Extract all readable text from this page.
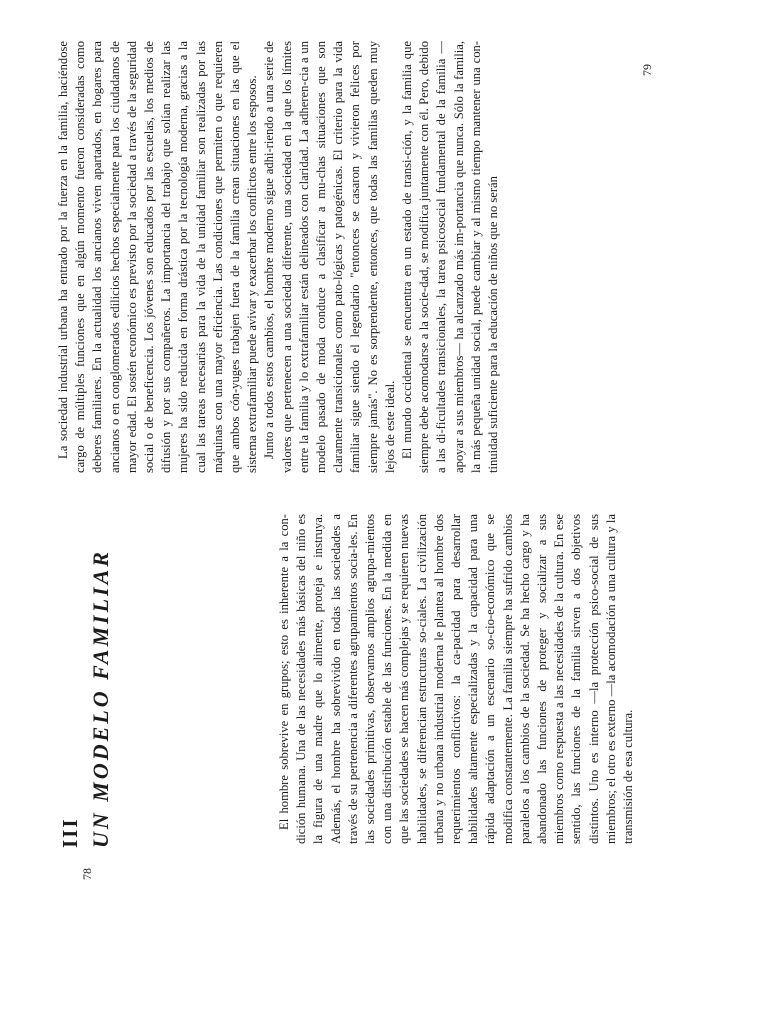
III UN MODELO FAMILIAR	El hombre sobrevive en grupos; esto es inherente a la con-dición humana. Una de las necesidades más básicas del niño es la figura de una madre que lo alimente, proteja e instruya. Además, el hombre ha sobrevivido en todas las sociedades a través de su pertenencia a diferentes agrupamientos socia-les. En las sociedades primitivas, observamos amplios agrupa-mientos con una distribución estable de las funciones. En la medida en que las sociedades se hacen más complejas y se requieren nuevas habilidades, se diferencian estructuras so-ciales. La civilización urbana y no urbana industrial moderna le plantea al hombre dos requerimientos conflictivos: la ca-pacidad para desarrollar habilidades altamente especializadas y la capacidad para una rápida adaptación a un escenario so-cio-económico que se modifica constantemente. La familia siempre ha sufrido cambios paralelos a los cambios de la sociedad. Se ha hecho cargo y ha abandonado las funciones de proteger y socializar a sus miembros como respuesta a las necesidades de la cultura. En ese sentido, las funciones de la familia sirven a dos objetivos distintos. Uno es interno —la protección psico-social de sus miembros; el otro es externo —la acomodación a una cultura y la transmisión de esa cultura.

La sociedad industrial urbana ha entrado por la fuerza en la familia, haciéndose cargo de múltiples funciones que en algún momento fueron consideradas como deberes familiares. En la actualidad los ancianos viven apartados, en hogares para ancianos o en conglomerados edilicios hechos especialmente para los ciudadanos de mayor edad. El sostén económico es previsto por la sociedad a través de la seguridad social o de beneficencia. Los jóvenes son educados por las escuelas, los medios de difusión y por sus compañeros. La importancia del trabajo que solían realizar las mujeres ha sido reducida en forma drástica por la tecnología moderna, gracias a la cual las tareas necesarias para la vida de la unidad familiar son realizadas por las máquinas con una mayor eficiencia. Las condiciones que permiten o que requieren que ambos cón-yuges trabajen fuera de la familia crean situaciones en las que el sistema extrafamiliar puede avivar y exacerbar los conflictos entre los esposos. Junto a todos estos cambios, el hombre moderno sigue adhi-riendo a una serie de valores que pertenecen a una sociedad diferente, una sociedad en la que los límites entre la familia y lo extrafamiliar están delineados con claridad. La adheren-cia a un modelo pasado de moda conduce a clasificar a mu-chas situaciones que son claramente transicionales como pato-lógicas y patogénicas. El criterio para la vida familiar sigue siendo el legendario "entonces se casaron y vivieron felices por siempre jamás". No es sorprendente, entonces, que todas las familias queden muy lejos de este ideal. El mundo occidental se encuentra en un estado de transi-ción, y la familia que siempre debe acomodarse a la socie-dad, se modifica juntamente con él. Pero, debido a las di-ficultades transicionales, la tarea psicosocial fundamental de la familia —apoyar a sus miembros— ha alcanzado más im-portancia que nunca. Sólo la familia, la más pequeña unidad social, puede cambiar y al mismo tiempo mantener una con-tinuidad suficiente para la educación de niños que no serán

78
79
